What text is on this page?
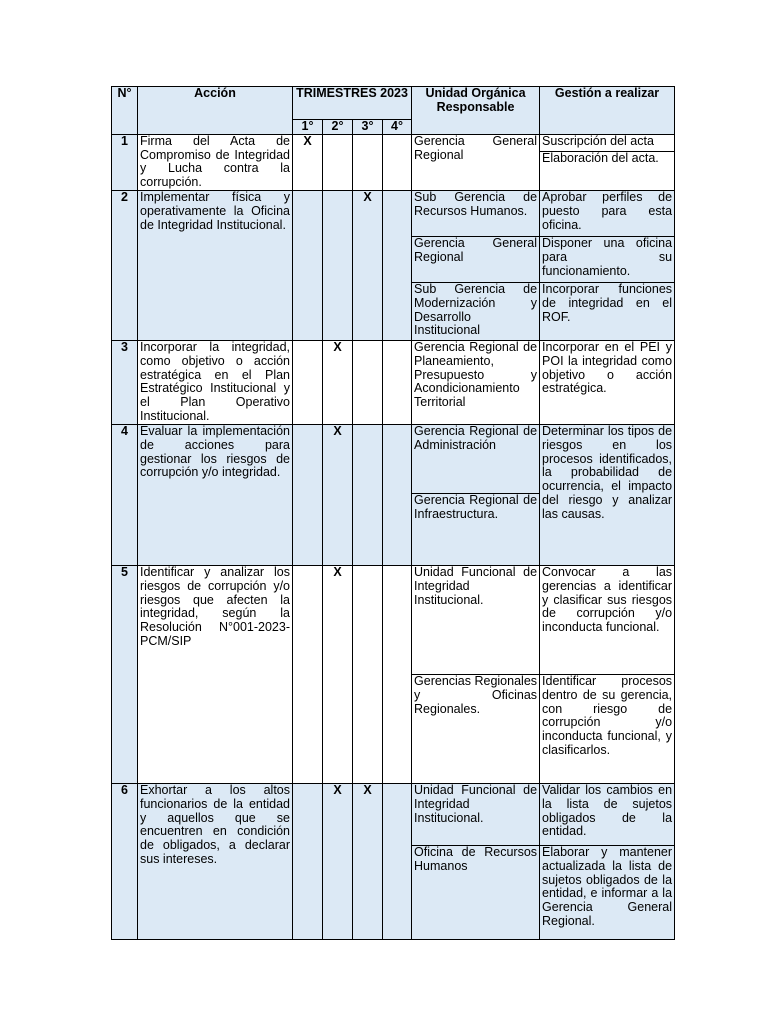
N°	Acción	TRIMESTRES 2023				Unidad Orgánica Responsable	Gestión a realizar
		1°	2°	3°	4°		
1	Firma del Acta de Compromiso de Integridad y Lucha contra la corrupción.	X				Gerencia General Regional	Suscripción del acta
							Elaboración del acta.
2	Implementar física y operativamente la Oficina de Integridad Institucional.			X		Sub Gerencia de Recursos Humanos.	Aprobar perfiles de puesto para esta oficina.
						Gerencia General Regional	Disponer una oficina para su funcionamiento.
						Sub Gerencia de Modernización y Desarrollo Institucional	Incorporar funciones de integridad en el ROF.
3	Incorporar la integridad, como objetivo o acción estratégica en el Plan Estratégico Institucional y el Plan Operativo Institucional.		X			Gerencia Regional de Planeamiento, Presupuesto y Acondicionamiento Territorial	Incorporar en el PEI y POI la integridad como objetivo o acción estratégica.
4	Evaluar la implementación de acciones para gestionar los riesgos de corrupción y/o integridad.		X			Gerencia Regional de Administración	Determinar los tipos de riesgos en los procesos identificados, la probabilidad de ocurrencia, el impacto del riesgo y analizar las causas.
						Gerencia Regional de Infraestructura.	
5	Identificar y analizar los riesgos de corrupción y/o riesgos que afecten la integridad, según la Resolución N°001-2023-PCM/SIP		X			Unidad Funcional de Integridad Institucional.	Convocar a las gerencias a identificar y clasificar sus riesgos de corrupción y/o inconducta funcional.
						Gerencias Regionales y Oficinas Regionales.	Identificar procesos dentro de su gerencia, con riesgo de corrupción y/o inconducta funcional, y clasificarlos.
6	Exhortar a los altos funcionarios de la entidad y aquellos que se encuentren en condición de obligados, a declarar sus intereses.		X	X		Unidad Funcional de Integridad Institucional.	Validar los cambios en la lista de sujetos obligados de la entidad.
						Oficina de Recursos Humanos	Elaborar y mantener actualizada la lista de sujetos obligados de la entidad, e informar a la Gerencia General Regional.
